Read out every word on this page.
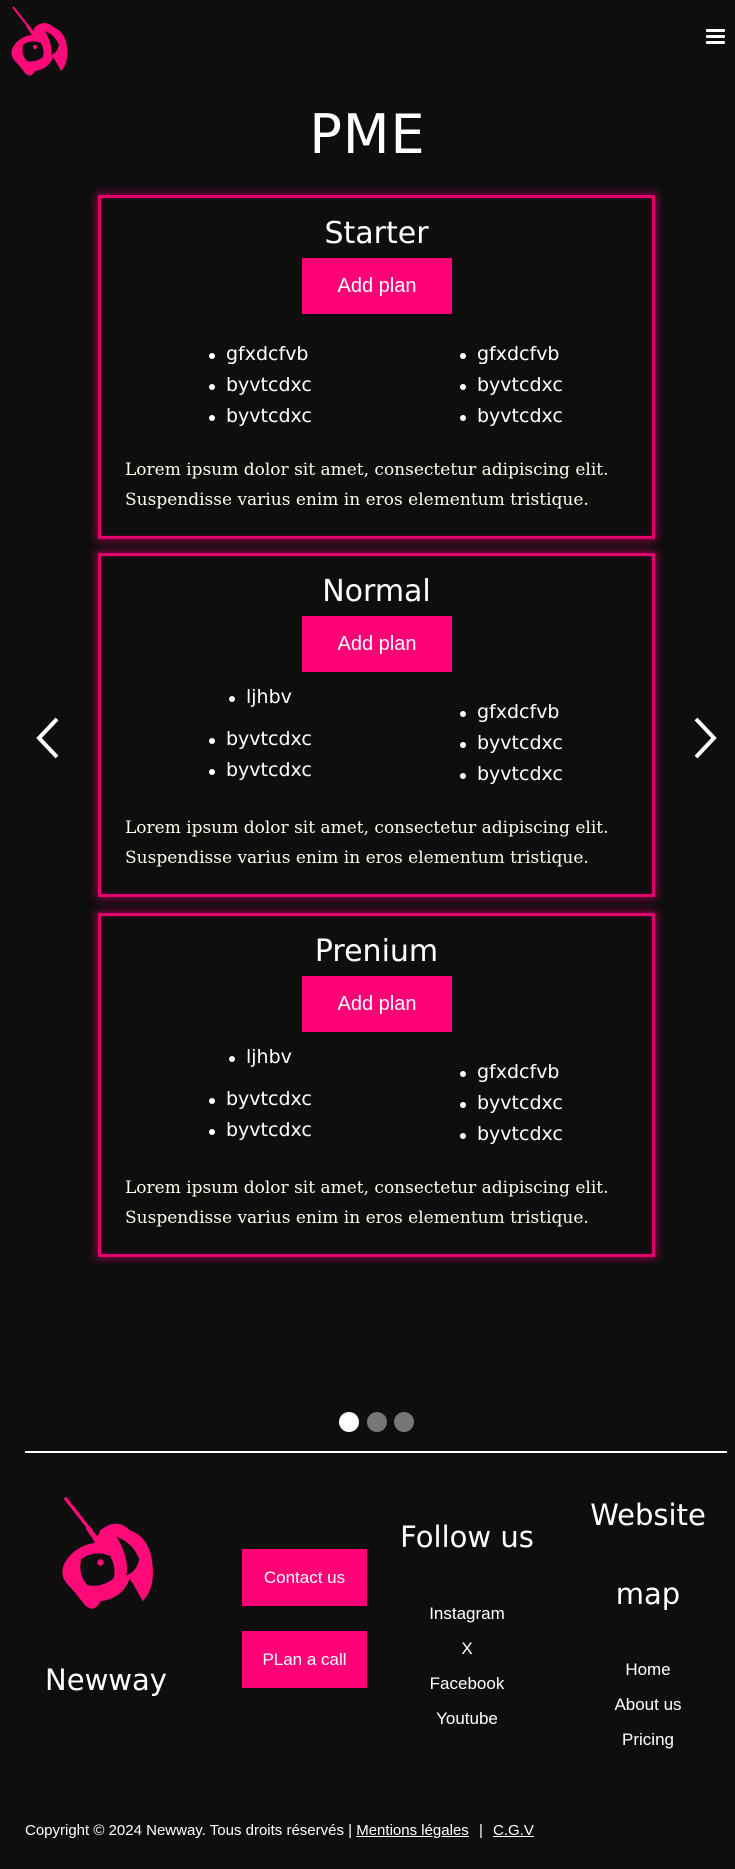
PME
Starter
Add plan
gfxdcfvb
byvtcdxc
byvtcdxc
gfxdcfvb
byvtcdxc
byvtcdxc

Lorem ipsum dolor sit amet, consectetur adipiscing elit. Suspendisse varius enim in eros elementum tristique.

Normal
Add plan
ljhbv
byvtcdxc
byvtcdxc
gfxdcfvb
byvtcdxc
byvtcdxc

Lorem ipsum dolor sit amet, consectetur adipiscing elit. Suspendisse varius enim in eros elementum tristique.

Prenium
Add plan
ljhbv
byvtcdxc
byvtcdxc
gfxdcfvb
byvtcdxc
byvtcdxc

Lorem ipsum dolor sit amet, consectetur adipiscing elit. Suspendisse varius enim in eros elementum tristique.

Newway
Contact us
PLan a call
Follow us
Instagram
X
Facebook
Youtube
Website
map
Home
About us
Pricing
Copyright © 2024 Newway. Tous droits réservés | Mentions légales | C.G.V
